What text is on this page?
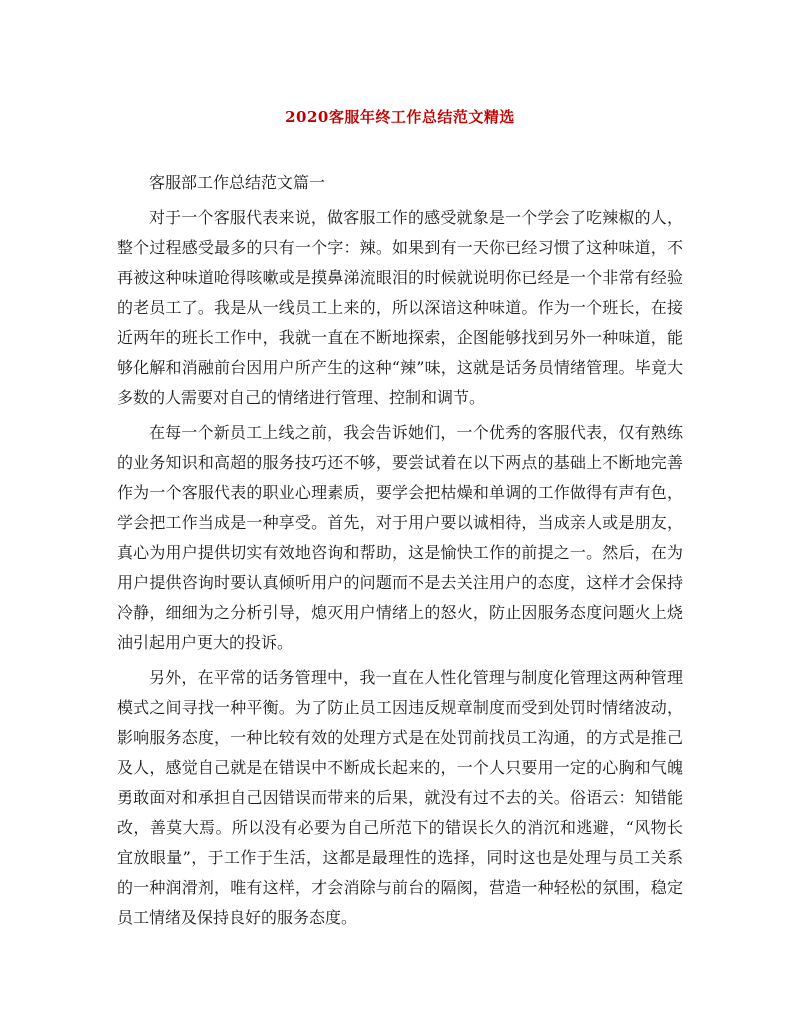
2020客服年终工作总结范文精选

客服部工作总结范文篇一

对于一个客服代表来说，做客服工作的感受就象是一个学会了吃辣椒的人，整个过程感受最多的只有一个字：辣。如果到有一天你已经习惯了这种味道，不再被这种味道呛得咳嗽或是摸鼻涕流眼泪的时候就说明你已经是一个非常有经验的老员工了。我是从一线员工上来的，所以深谙这种味道。作为一个班长，在接近两年的班长工作中，我就一直在不断地探索，企图能够找到另外一种味道，能够化解和消融前台因用户所产生的这种“辣”味，这就是话务员情绪管理。毕竟大多数的人需要对自己的情绪进行管理、控制和调节。

在每一个新员工上线之前，我会告诉她们，一个优秀的客服代表，仅有熟练的业务知识和高超的服务技巧还不够，要尝试着在以下两点的基础上不断地完善作为一个客服代表的职业心理素质，要学会把枯燥和单调的工作做得有声有色，学会把工作当成是一种享受。首先，对于用户要以诚相待，当成亲人或是朋友，真心为用户提供切实有效地咨询和帮助，这是愉快工作的前提之一。然后，在为用户提供咨询时要认真倾听用户的问题而不是去关注用户的态度，这样才会保持冷静，细细为之分析引导，熄灭用户情绪上的怒火，防止因服务态度问题火上烧油引起用户更大的投诉。

另外，在平常的话务管理中，我一直在人性化管理与制度化管理这两种管理模式之间寻找一种平衡。为了防止员工因违反规章制度而受到处罚时情绪波动，影响服务态度，一种比较有效的处理方式是在处罚前找员工沟通，的方式是推己及人，感觉自己就是在错误中不断成长起来的，一个人只要用一定的心胸和气魄勇敢面对和承担自己因错误而带来的后果，就没有过不去的关。俗语云：知错能改，善莫大焉。所以没有必要为自己所范下的错误长久的消沉和逃避，“风物长宜放眼量”，于工作于生活，这都是最理性的选择，同时这也是处理与员工关系的一种润滑剂，唯有这样，才会消除与前台的隔阂，营造一种轻松的氛围，稳定员工情绪及保持良好的服务态度。
